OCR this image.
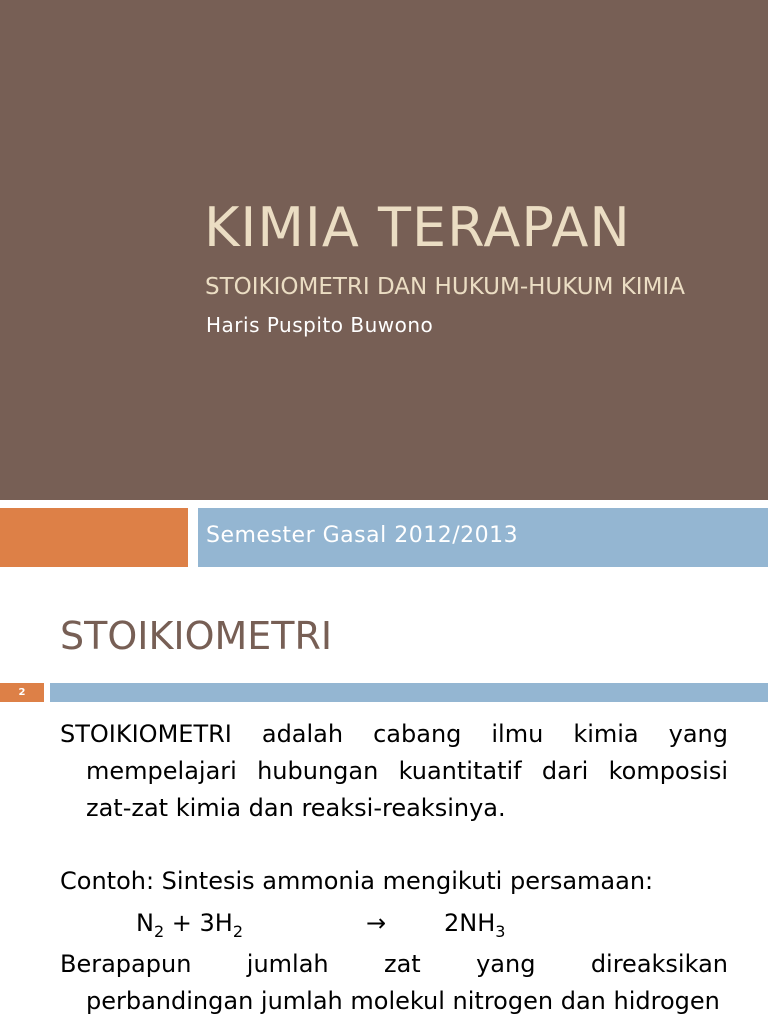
KIMIA TERAPAN
STOIKIOMETRI DAN HUKUM-HUKUM KIMIA
Haris Puspito Buwono
Semester Gasal 2012/2013
STOIKIOMETRI
2

STOIKIOMETRI adalah cabang ilmu kimia yang mempelajari hubungan kuantitatif dari komposisi zat-zat kimia dan reaksi-reaksinya.

Contoh: Sintesis ammonia mengikuti persamaan:

$N_2 + 3H_2$	→ $2NH_3$

Berapapun jumlah zat yang direaksikan

perbandingan jumlah molekul nitrogen dan hidrogen
